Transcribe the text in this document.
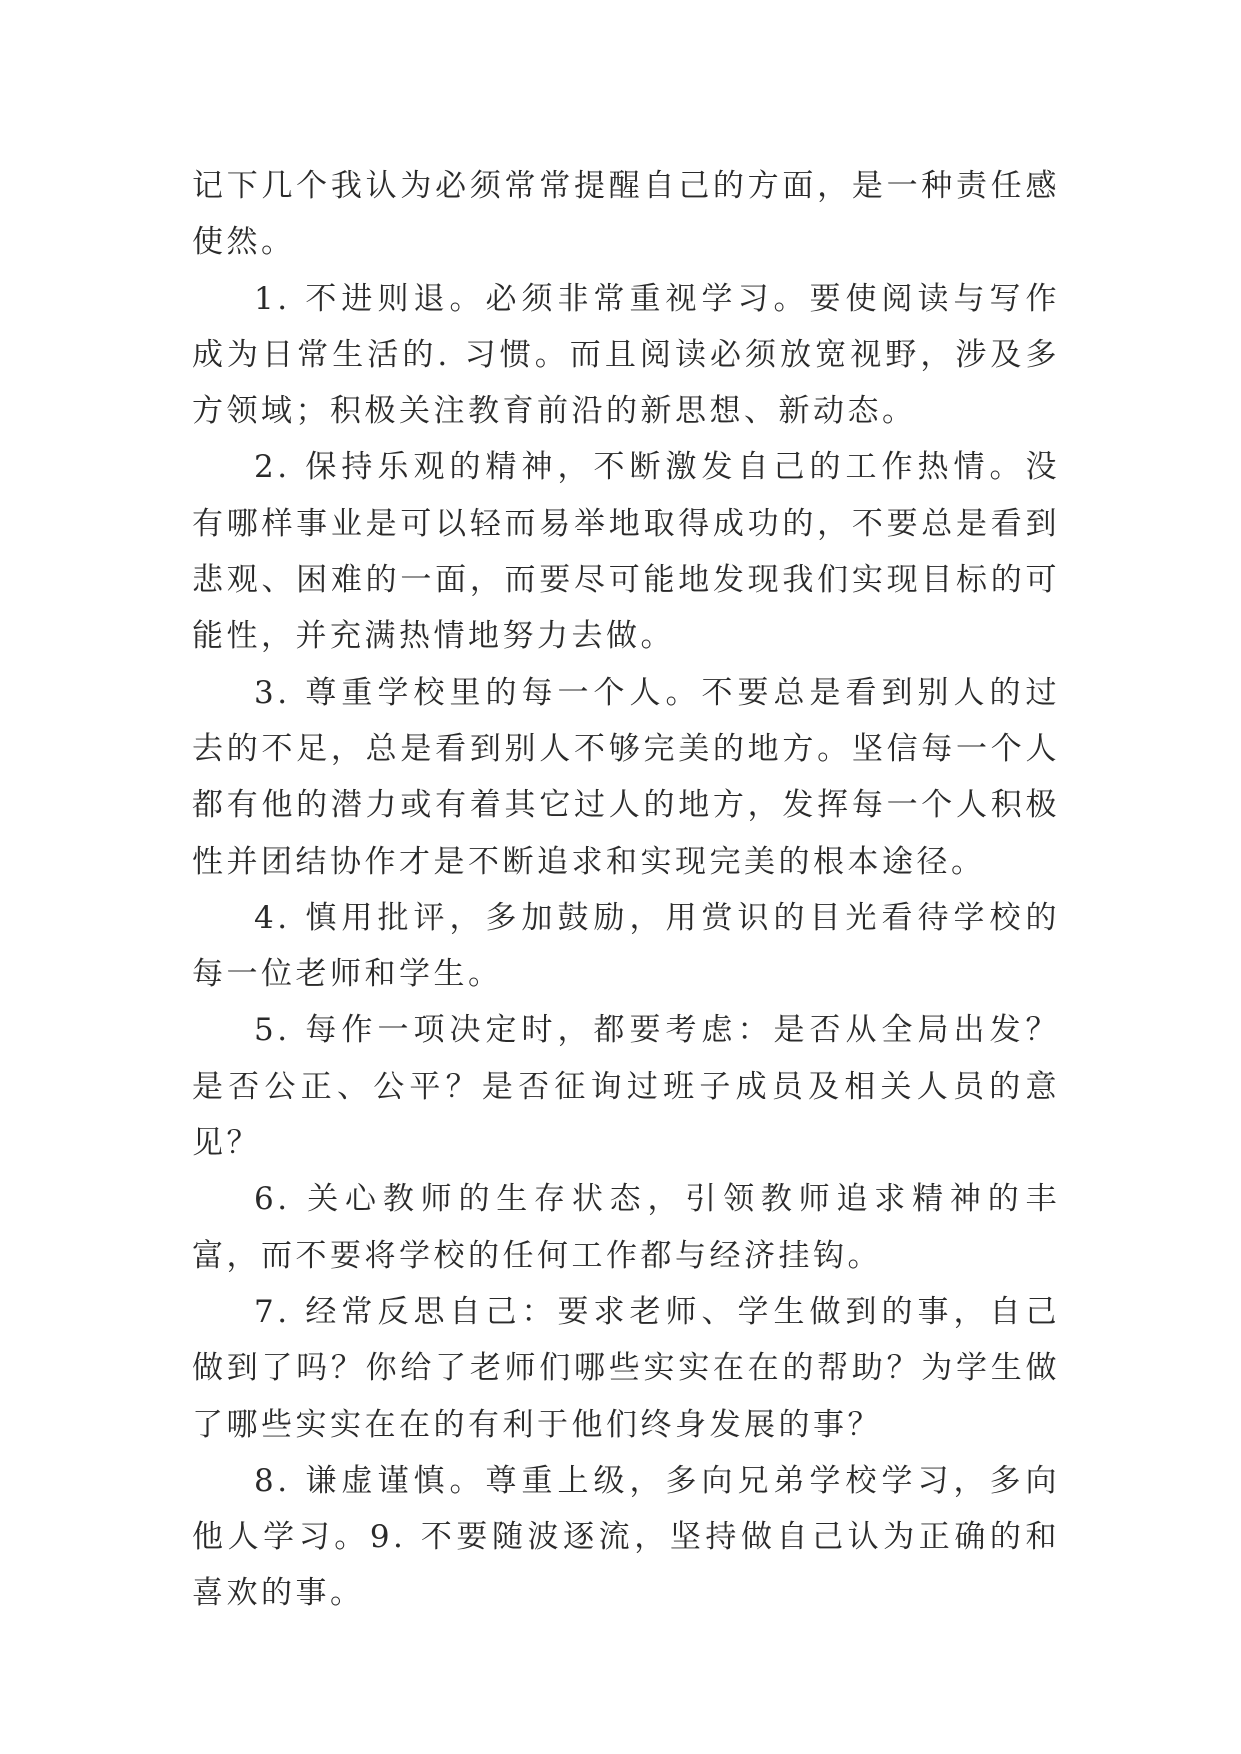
记下几个我认为必须常常提醒自己的方面，是一种责任感使然。

1. 不进则退。必须非常重视学习。要使阅读与写作成为日常生活的. 习惯。而且阅读必须放宽视野，涉及多方领域；积极关注教育前沿的新思想、新动态。

2. 保持乐观的精神，不断激发自己的工作热情。没有哪样事业是可以轻而易举地取得成功的，不要总是看到悲观、困难的一面，而要尽可能地发现我们实现目标的可能性，并充满热情地努力去做。

3. 尊重学校里的每一个人。不要总是看到别人的过去的不足，总是看到别人不够完美的地方。坚信每一个人都有他的潜力或有着其它过人的地方，发挥每一个人积极性并团结协作才是不断追求和实现完美的根本途径。

4. 慎用批评，多加鼓励，用赏识的目光看待学校的每一位老师和学生。

5. 每作一项决定时，都要考虑：是否从全局出发？是否公正、公平？是否征询过班子成员及相关人员的意见？

6. 关心教师的生存状态，引领教师追求精神的丰富，而不要将学校的任何工作都与经济挂钩。

7. 经常反思自己：要求老师、学生做到的事，自己做到了吗？你给了老师们哪些实实在在的帮助？为学生做了哪些实实在在的有利于他们终身发展的事？

8. 谦虚谨慎。尊重上级，多向兄弟学校学习，多向他人学习。9. 不要随波逐流，坚持做自己认为正确的和喜欢的事。
